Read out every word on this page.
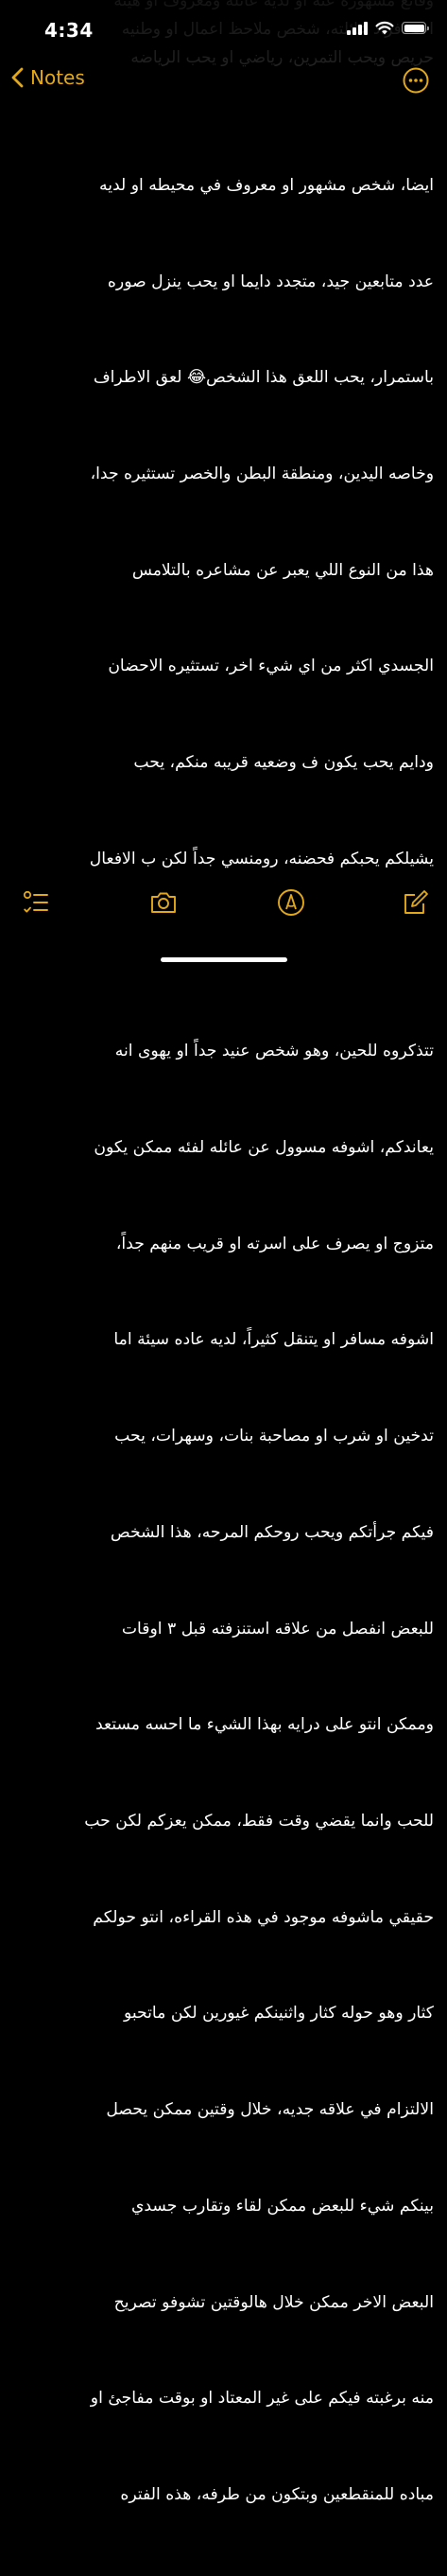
4:34
Notes

ايضا، شخص مشهور او معروف في محيطه او لديه

عدد متابعين جيد، متجدد دايما او يحب ينزل صوره

باستمرار، يحب اللعق هذا الشخص😂 لعق الاطراف

وخاصه اليدين، ومنطقة البطن والخصر تستثيره جدا،

هذا من النوع اللي يعبر عن مشاعره بالتلامس

الجسدي اكثر من اي شيء اخر، تستثيره الاحضان

ودايم يحب يكون ف وضعيه قريبه منكم، يحب

يشيلكم يحبكم فحضنه، رومنسي جداً لكن ب الافعال

تتذكروه للحين، وهو شخص عنيد جداً او يهوى انه

يعاندكم، اشوفه مسوول عن عائله لفئه ممكن يكون

متزوج او يصرف على اسرته او قريب منهم جداً،

اشوفه مسافر او يتنقل كثيراً، لديه عاده سيئة اما

تدخين او شرب او مصاحبة بنات، وسهرات، يحب

فيكم جرأتكم ويحب روحكم المرحه، هذا الشخص

للبعض انفصل من علاقه استنزفته قبل ٣ اوقات

وممكن انتو على درايه بهذا الشيء ما احسه مستعد

للحب وانما يقضي وقت فقط، ممكن يعزكم لكن حب

حقيقي ماشوفه موجود في هذه القراءه، انتو حولكم

كثار وهو حوله كثار واثنينكم غيورين لكن ماتحبو

الالتزام في علاقه جديه، خلال وقتين ممكن يحصل

بينكم شيء للبعض ممكن لقاء وتقارب جسدي

البعض الاخر ممكن خلال هالوقتين تشوفو تصريح

منه برغبته فيكم على غير المعتاد او بوقت مفاجئ او

مباده للمنقطعين وبتكون من طرفه، هذه الفتره
